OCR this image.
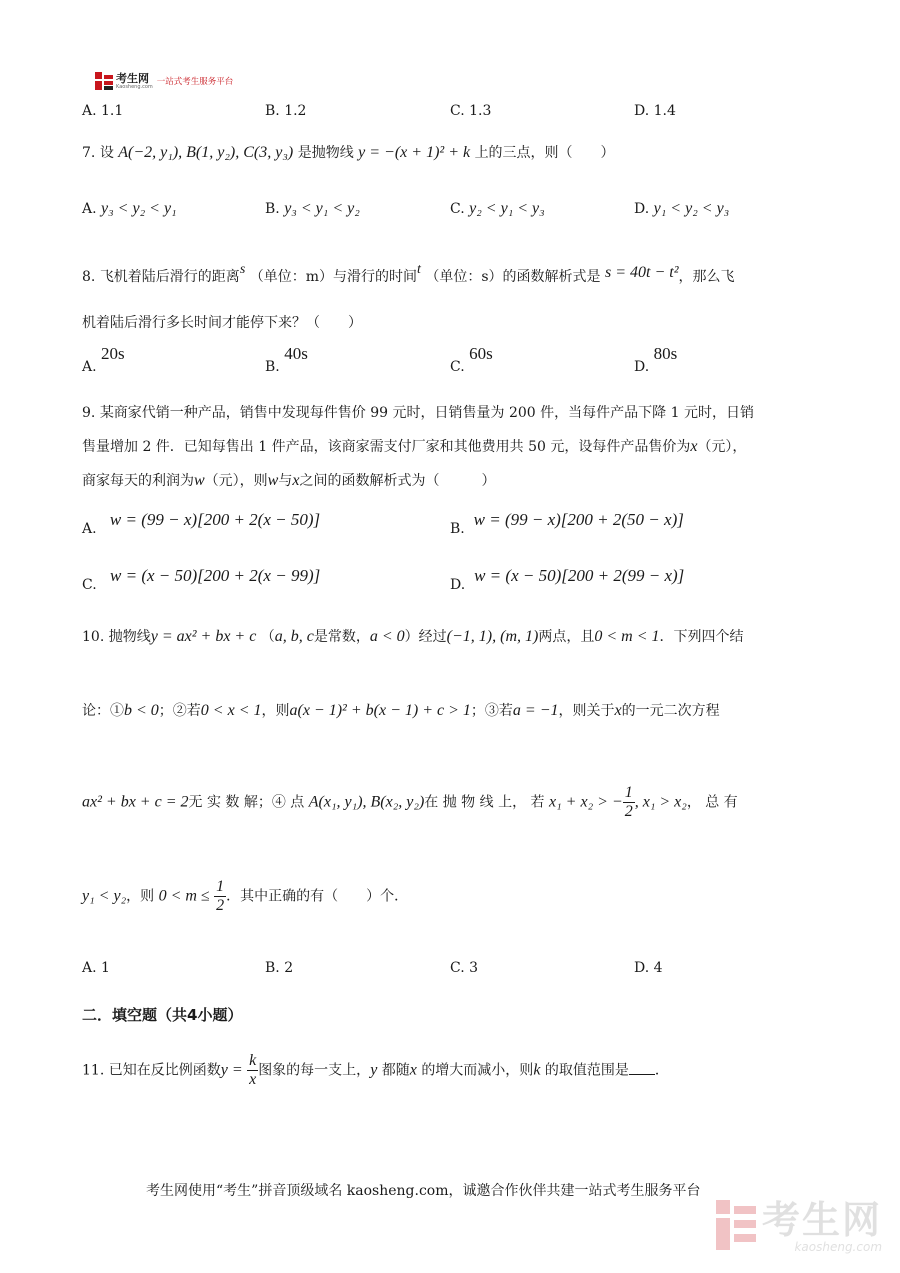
考生网
Kaosheng.com 一站式考生服务平台
A. 1.1	B. 1.2	C. 1.3	D. 1.4
7. 设 A(−2, y₁), B(1, y₂), C(3, y₃) 是抛物线 y = −(x + 1)² + k 上的三点，则（　　）
A. y₃ < y₂ < y₁	B. y₃ < y₁ < y₂	C. y₂ < y₁ < y₃	D. y₁ < y₂ < y₃
8. 飞机着陆后滑行的距离s （单位：m）与滑行的时间t （单位：s）的函数解析式是 s = 40t − t²，那么飞
机着陆后滑行多长时间才能停下来？（　　）
A. 20s
B. 40s
C. 60s
D. 80s
9. 某商家代销一种产品，销售中发现每件售价 99 元时，日销售量为 200 件，当每件产品下降 1 元时，日销
售量增加 2 件．已知每售出 1 件产品，该商家需支付厂家和其他费用共 50 元，设每件产品售价为x（元），
商家每天的利润为w（元），则w与x之间的函数解析式为（　　　）
A. w = (99 − x)[200 + 2(x − 50)]	B. w = (99 − x)[200 + 2(50 − x)]
C. w = (x − 50)[200 + 2(x − 99)]	D. w = (x − 50)[200 + 2(99 − x)]
10. 抛物线y = ax² + bx + c （a, b, c是常数，a < 0）经过(−1, 1), (m, 1)两点，且0 < m < 1．下列四个结
论：①b < 0；②若0 < x < 1，则a(x − 1)² + b(x − 1) + c > 1；③若a = −1，则关于x的一元二次方程
ax² + bx + c = 2无 实 数 解；④ 点 A(x₁, y₁), B(x₂, y₂)在 抛 物 线 上， 若 x₁ + x₂ > − $\frac{1}{2}$ , x₁ > x₂， 总 有
y₁ < y₂，则 $0 < m \le \frac{1}{2}$ ．其中正确的有（　　）个．
A. 1	B. 2	C. 3	D. 4
二．填空题（共4小题）
11. 已知在反比例函数$y = \frac{k}{x}$ 图象的每一支上，y 都随x 的增大而减小，则k 的取值范围是 ．
考生网使用“考生”拼音顶级域名 kaosheng.com，诚邀合作伙伴共建一站式考生服务平台
考生网
kaosheng.com
